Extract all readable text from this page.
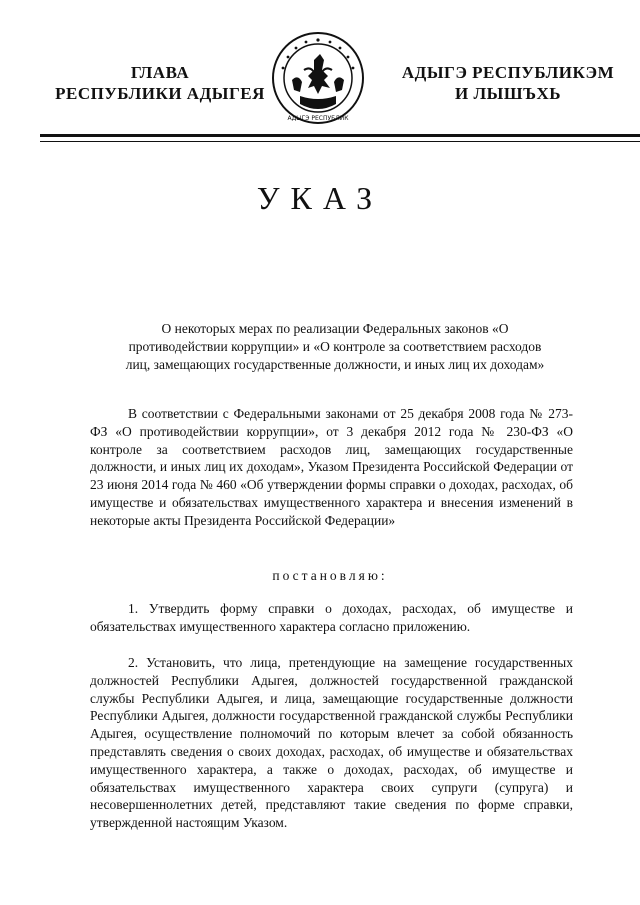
ГЛАВА
РЕСПУБЛИКИ АДЫГЕЯ
АДЫГЭ РЕСПУБЛИК
АДЫГЭ РЕСПУБЛИКЭМ
И ЛЫШЪХЬ
УКАЗ
О некоторых мерах по реализации Федеральных законов «О противодействии коррупции» и «О контроле за соответствием расходов лиц, замещающих государственные должности, и иных лиц их доходам»

В соответствии с Федеральными законами от 25 декабря 2008 года № 273-ФЗ «О противодействии коррупции», от 3 декабря 2012 года № 230-ФЗ «О контроле за соответствием расходов лиц, замещающих государственные должности, и иных лиц их доходам», Указом Президента Российской Федерации от 23 июня 2014 года № 460 «Об утверждении формы справки о доходах, расходах, об имуществе и обязательствах имущественного характера и внесения изменений в некоторые акты Президента Российской Федерации»

постановляю:

1. Утвердить форму справки о доходах, расходах, об имуществе и обязательствах имущественного характера согласно приложению.

2. Установить, что лица, претендующие на замещение государственных должностей Республики Адыгея, должностей государственной гражданской службы Республики Адыгея, и лица, замещающие государственные должности Республики Адыгея, должности государственной гражданской службы Республики Адыгея, осуществление полномочий по которым влечет за собой обязанность представлять сведения о своих доходах, расходах, об имуществе и обязательствах имущественного характера, а также о доходах, расходах, об имуществе и обязательствах имущественного характера своих супруги (супруга) и несовершеннолетних детей, представляют такие сведения по форме справки, утвержденной настоящим Указом.
